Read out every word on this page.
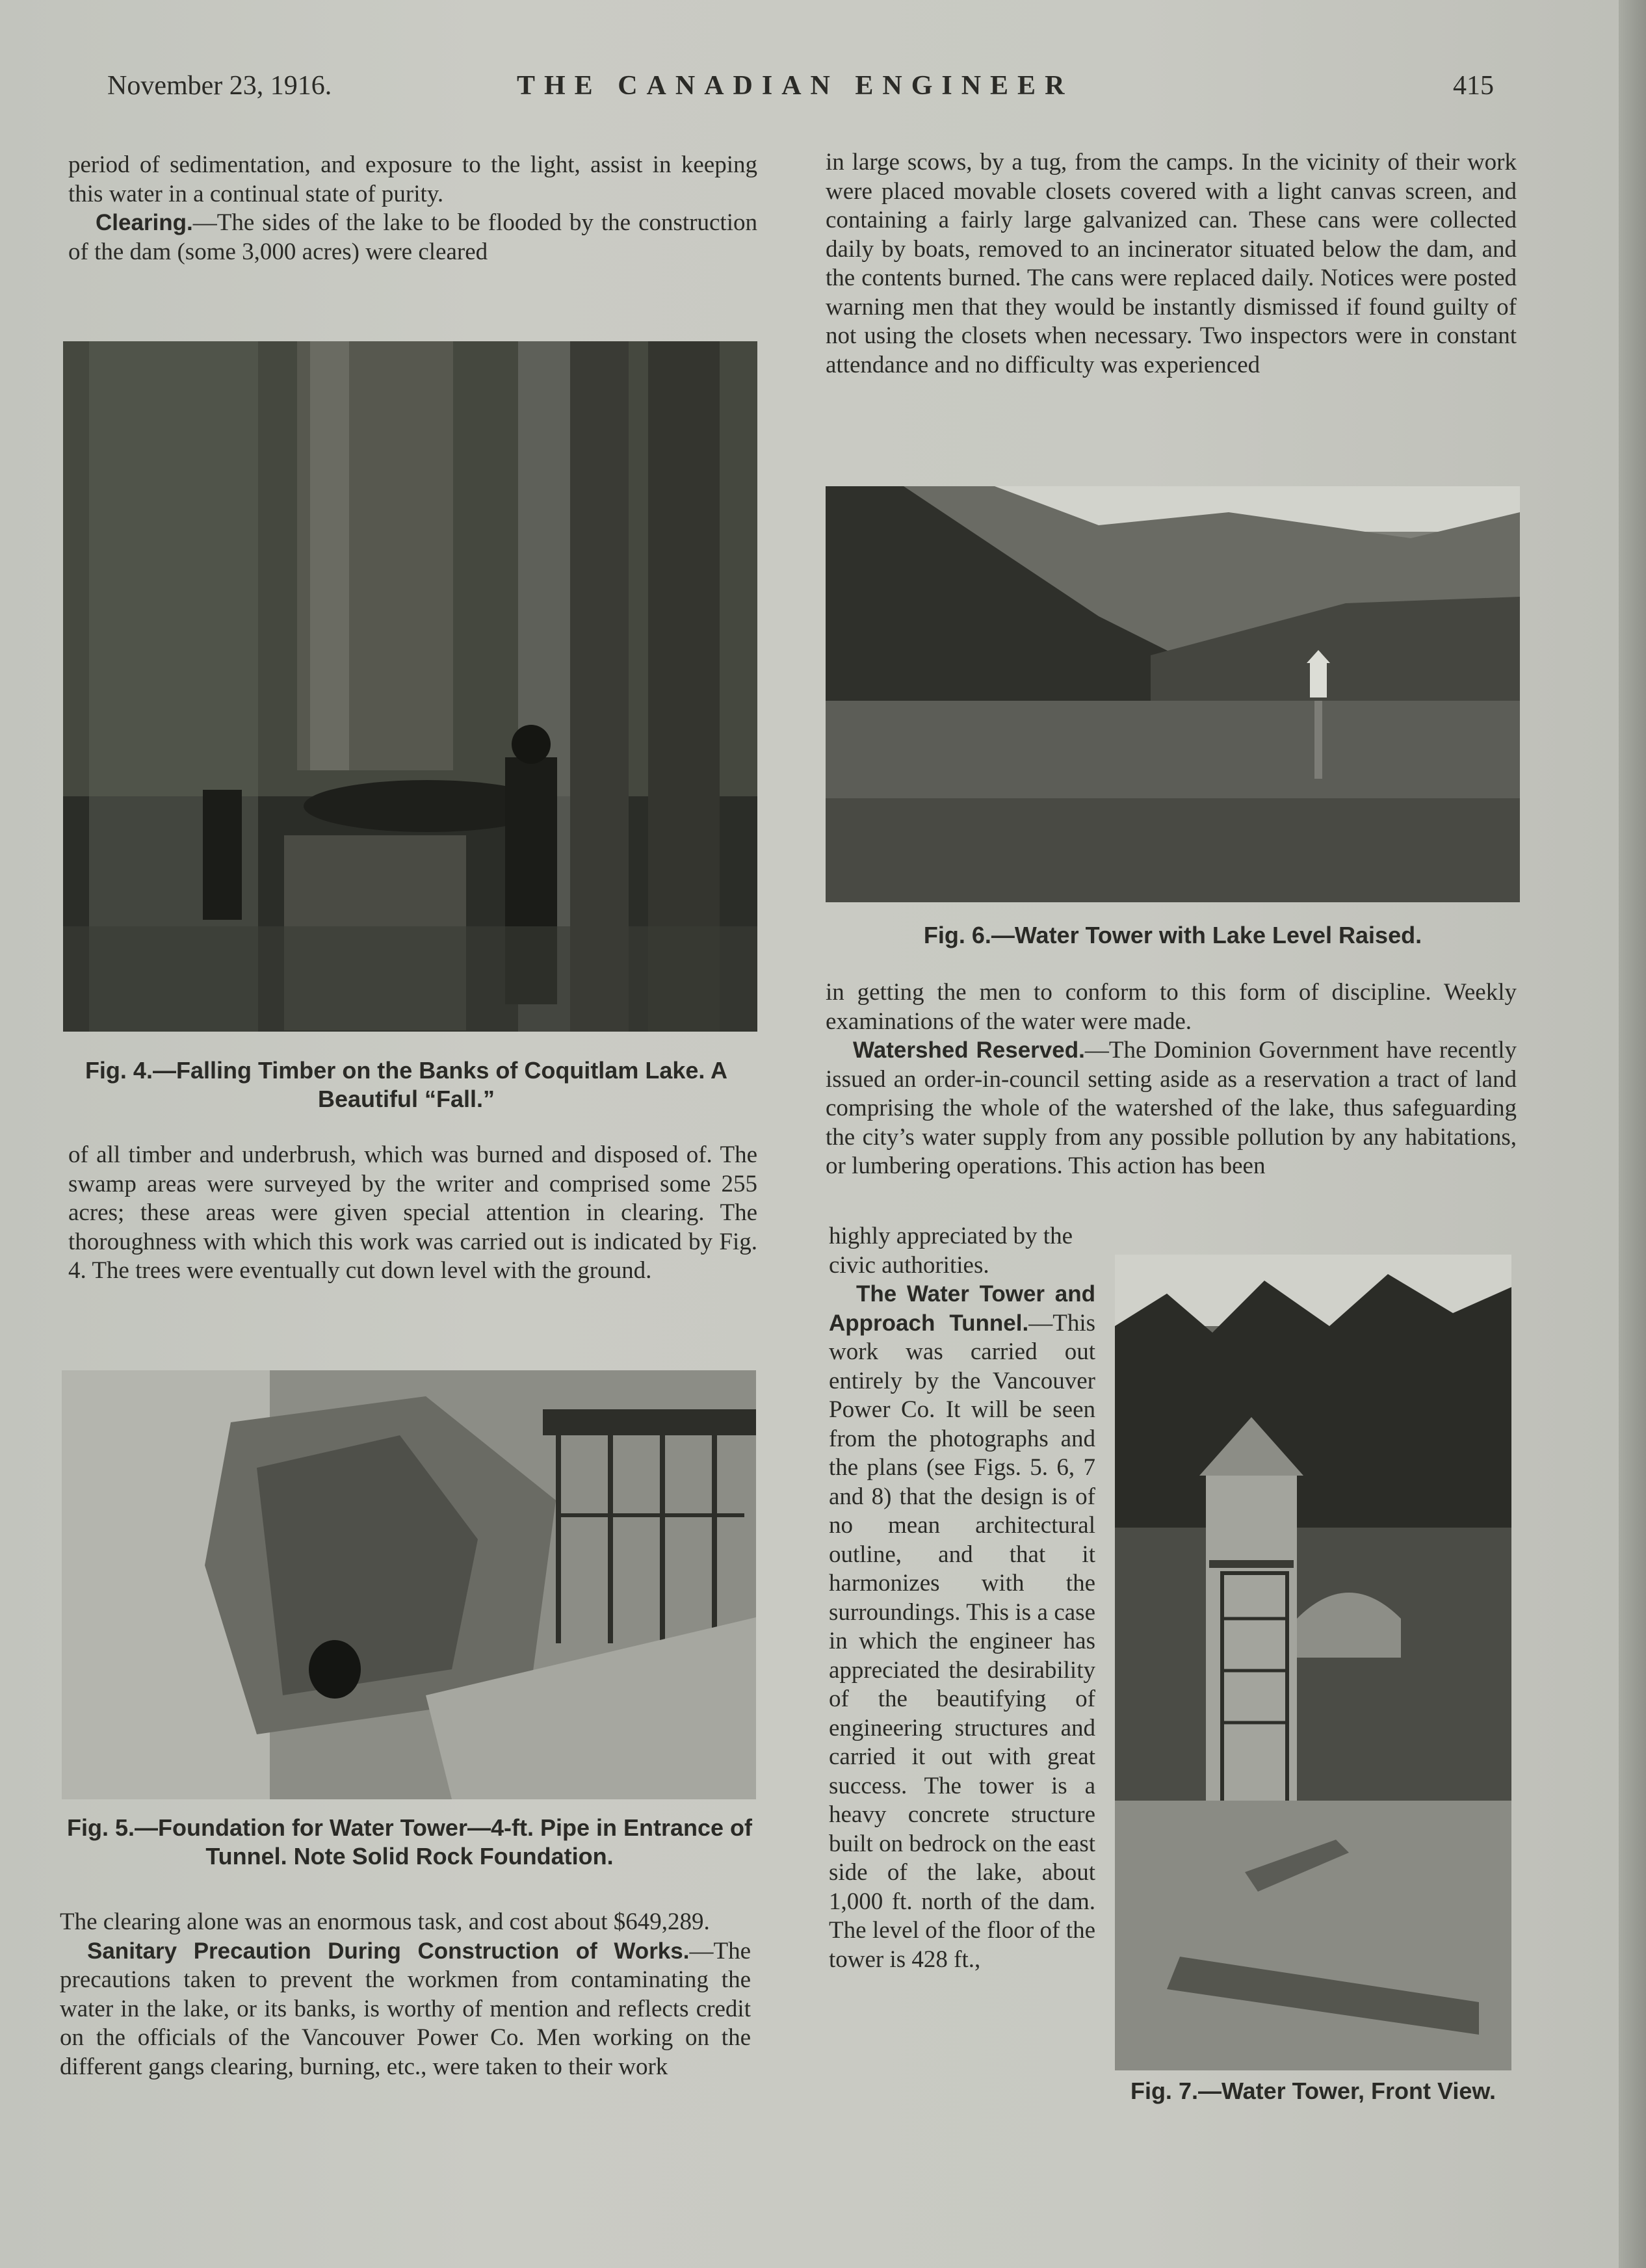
November 23, 1916.	THE CANADIAN ENGINEER	415

period of sedimentation, and exposure to the light, assist in keeping this water in a continual state of purity.

Clearing.—The sides of the lake to be flooded by the construction of the dam (some 3,000 acres) were cleared

Fig. 4.—Falling Timber on the Banks of Coquitlam Lake. A Beautiful “Fall.”

of all timber and underbrush, which was burned and disposed of. The swamp areas were surveyed by the writer and comprised some 255 acres; these areas were given special attention in clearing. The thoroughness with which this work was carried out is indicated by Fig. 4. The trees were eventually cut down level with the ground.

Fig. 5.—Foundation for Water Tower—4-ft. Pipe in Entrance of Tunnel. Note Solid Rock Foundation.

The clearing alone was an enormous task, and cost about $649,289.

Sanitary Precaution During Construction of Works.—The precautions taken to prevent the workmen from contaminating the water in the lake, or its banks, is worthy of mention and reflects credit on the officials of the Vancouver Power Co. Men working on the different gangs clearing, burning, etc., were taken to their work

in large scows, by a tug, from the camps. In the vicinity of their work were placed movable closets covered with a light canvas screen, and containing a fairly large galvanized can. These cans were collected daily by boats, removed to an incinerator situated below the dam, and the contents burned. The cans were replaced daily. Notices were posted warning men that they would be instantly dismissed if found guilty of not using the closets when necessary. Two inspectors were in constant attendance and no difficulty was experienced

Fig. 6.—Water Tower with Lake Level Raised.

in getting the men to conform to this form of discipline. Weekly examinations of the water were made.

Watershed Reserved.—The Dominion Government have recently issued an order-in-council setting aside as a reservation a tract of land comprising the whole of the watershed of the lake, thus safeguarding the city’s water supply from any possible pollution by any habitations, or lumbering operations. This action has been

highly appreciated by the civic authorities.

The Water Tower and Approach Tunnel.—This work was carried out entirely by the Vancouver Power Co. It will be seen from the photographs and the plans (see Figs. 5. 6, 7 and 8) that the design is of no mean architectural outline, and that it harmonizes with the surroundings. This is a case in which the engineer has appreciated the desirability of the beautifying of engineering structures and carried it out with great success. The tower is a heavy concrete structure built on bedrock on the east side of the lake, about 1,000 ft. north of the dam. The level of the floor of the tower is 428 ft.,

Fig. 7.—Water Tower, Front View.
